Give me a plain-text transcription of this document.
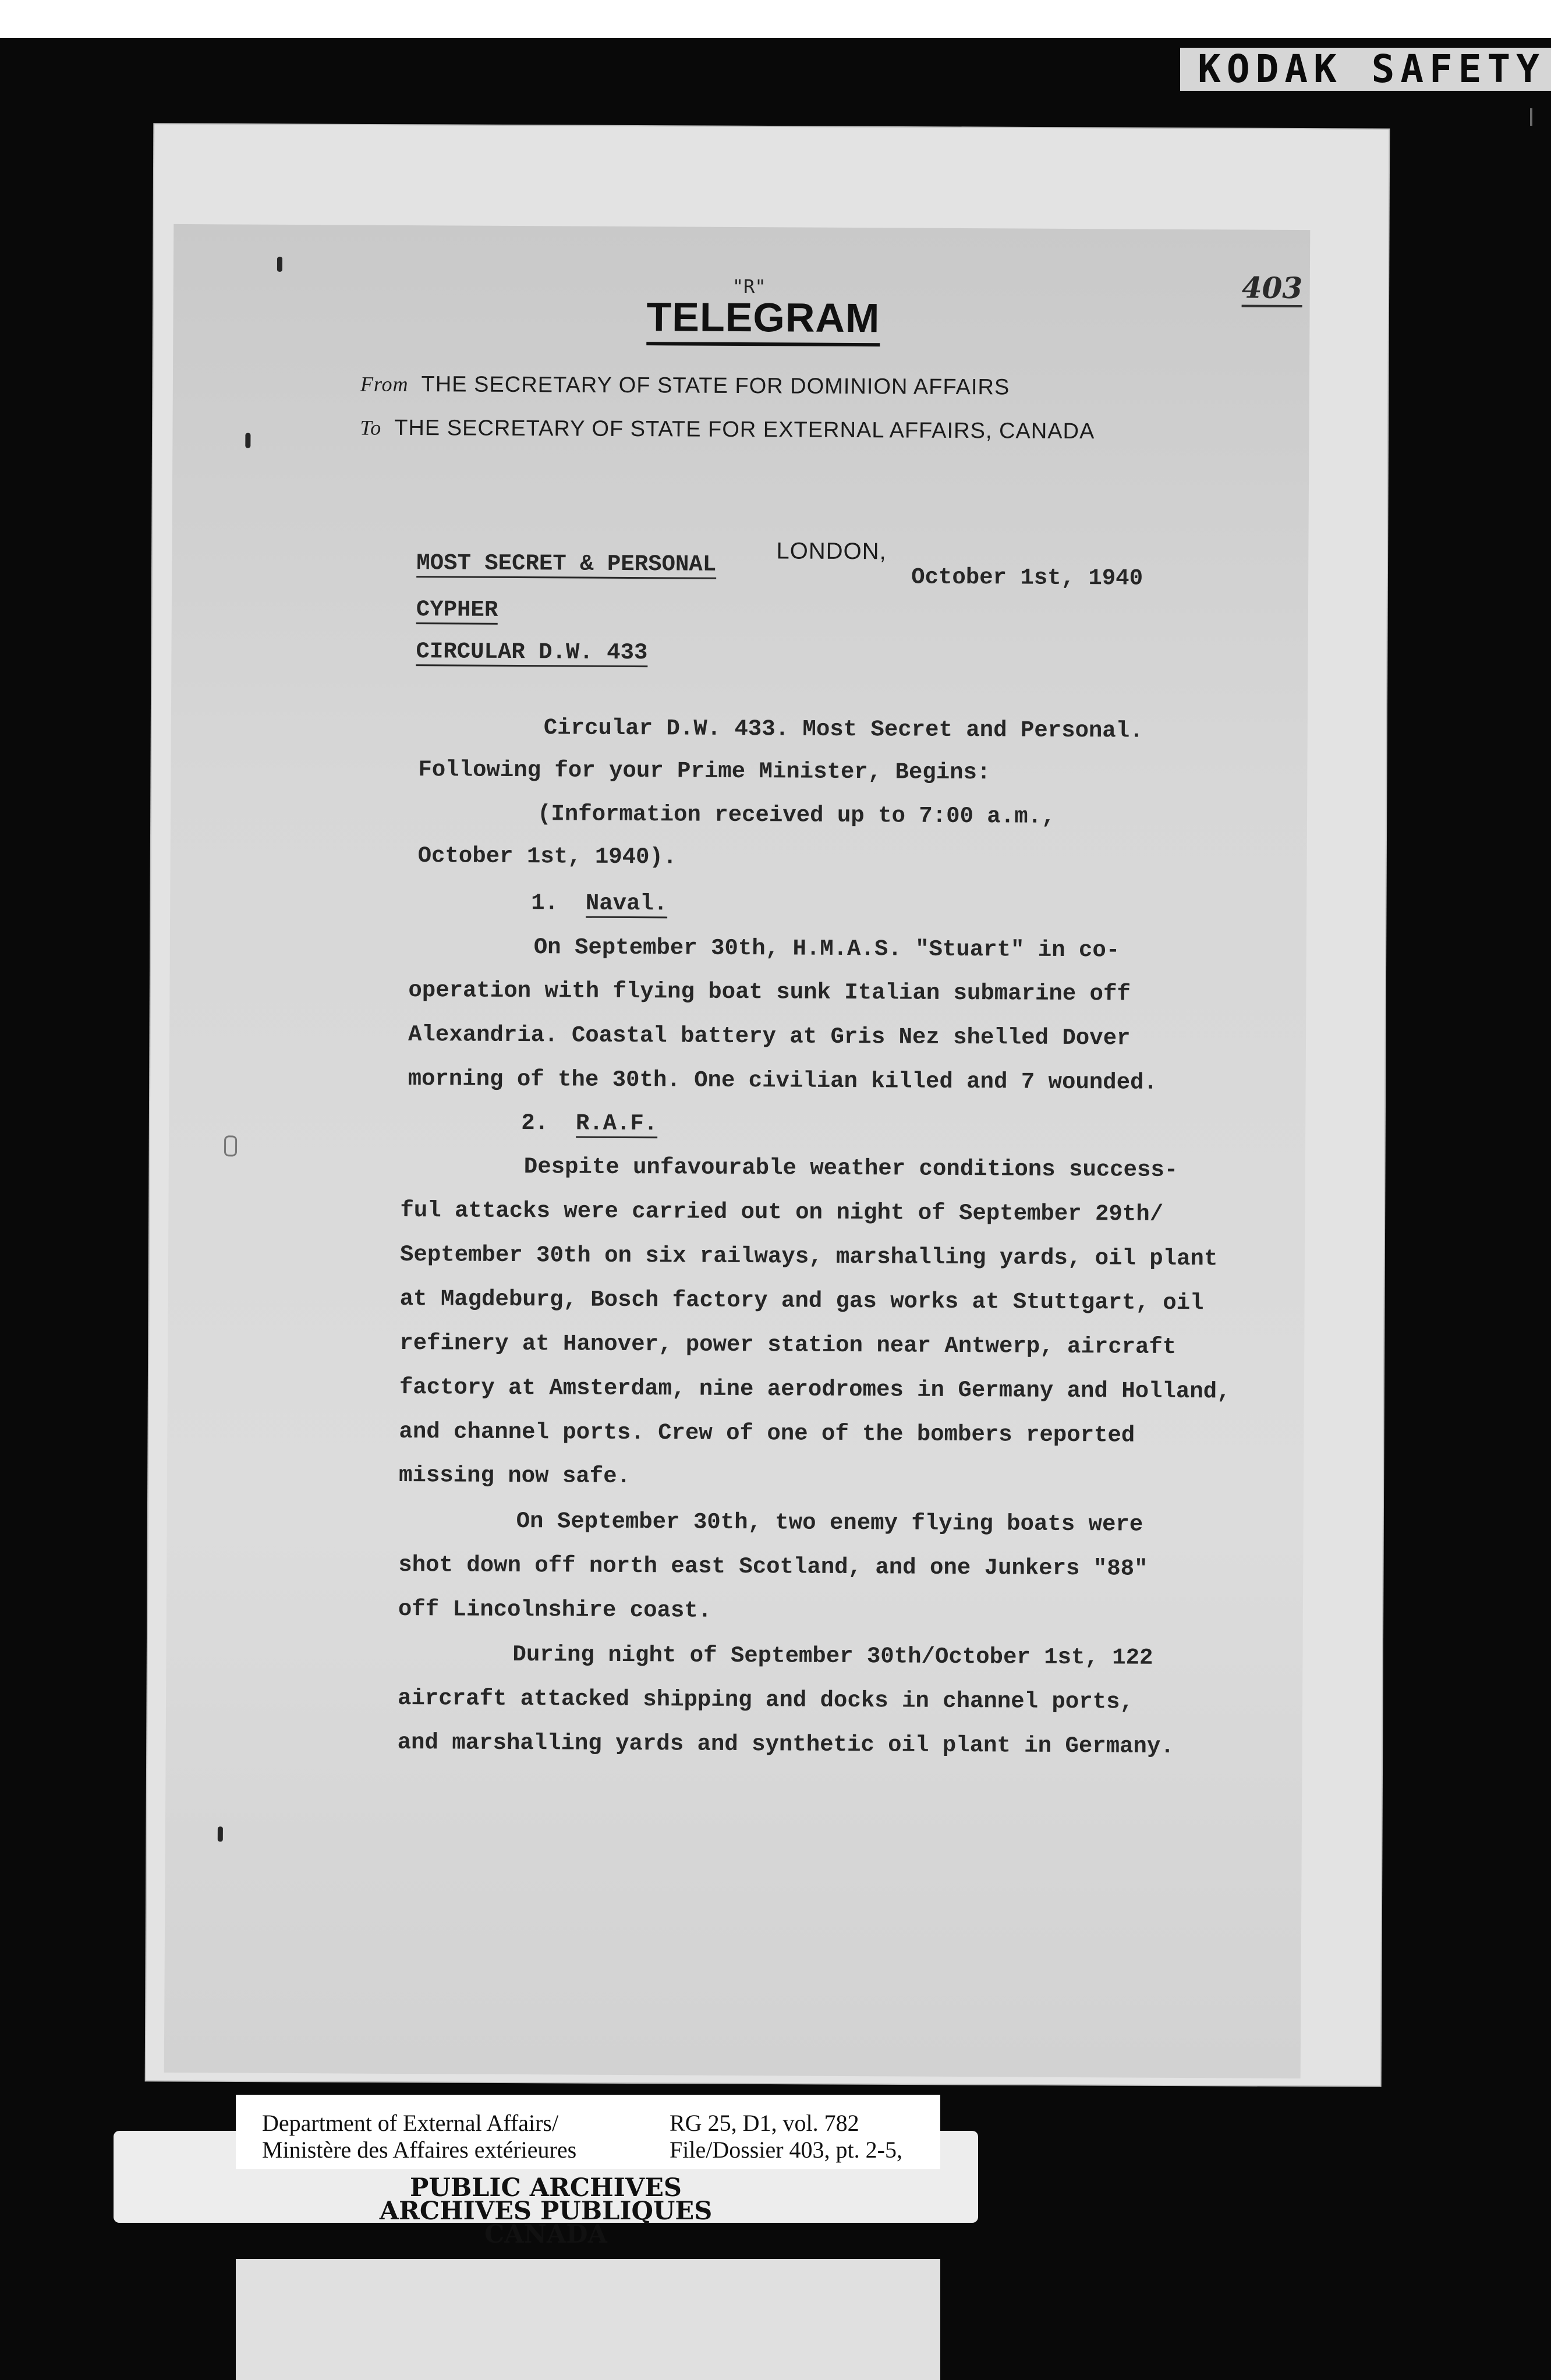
KODAK SAFETY
403
"R"
TELEGRAM
From THE SECRETARY OF STATE FOR DOMINION AFFAIRS
To THE SECRETARY OF STATE FOR EXTERNAL AFFAIRS, CANADA
LONDON,
MOST SECRET & PERSONAL
October 1st, 1940
CYPHER
CIRCULAR D.W. 433
Circular D.W. 433. Most Secret and Personal.
Following for your Prime Minister, Begins:
(Information received up to 7:00 a.m.,
October 1st, 1940).
1. Naval.
On September 30th, H.M.A.S. "Stuart" in co-
operation with flying boat sunk Italian submarine off
Alexandria. Coastal battery at Gris Nez shelled Dover
morning of the 30th. One civilian killed and 7 wounded.
2. R.A.F.
Despite unfavourable weather conditions success-
ful attacks were carried out on night of September 29th/
September 30th on six railways, marshalling yards, oil plant
at Magdeburg, Bosch factory and gas works at Stuttgart, oil
refinery at Hanover, power station near Antwerp, aircraft
factory at Amsterdam, nine aerodromes in Germany and Holland,
and channel ports. Crew of one of the bombers reported
missing now safe.
On September 30th, two enemy flying boats were
shot down off north east Scotland, and one Junkers "88"
off Lincolnshire coast.
During night of September 30th/October 1st, 122
aircraft attacked shipping and docks in channel ports,
and marshalling yards and synthetic oil plant in Germany.
Department of External Affairs/
Ministère des Affaires extérieures
RG 25, D1, vol. 782
File/Dossier 403, pt. 2-5,
PUBLIC ARCHIVES
ARCHIVES PUBLIQUES
CANADA
